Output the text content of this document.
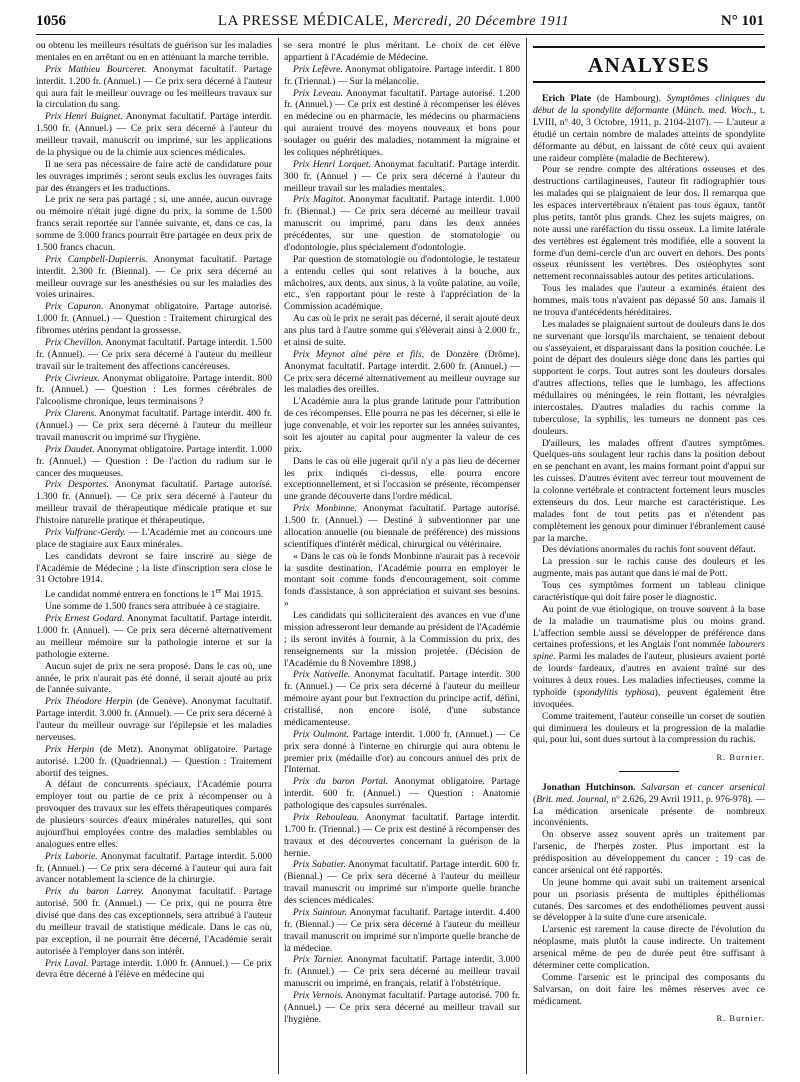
1056	LA PRESSE MÉDICALE, Mercredi, 20 Décembre 1911	N° 101

ou obtenu les meilleurs résultats de guérison sur les maladies mentales en en arrêtant ou en en atténuant la marche terrible.

Prix Mathieu Bourceret. Anonymat facultatif. Partage interdit. 1.200 fr. (Annuel.) — Ce prix sera décerné à l'auteur qui aura fait le meilleur ouvrage ou les meilleurs travaux sur la circulation du sang.

Prix Henri Buignet. Anonymat facultatif. Partage interdit. 1.500 fr. (Annuel.) — Ce prix sera décerné à l'auteur du meilleur travail, manuscrit ou imprimé, sur les applications de la physique ou de la chimie aux sciences médicales.

Il ne sera pas nécessaire de faire acte de candidature pour les ouvrages imprimés ; seront seuls exclus les ouvrages faits par des étrangers et les traductions.

Le prix ne sera pas partagé ; si, une année, aucun ouvrage ou mémoire n'était jugé digne du prix, la somme de 1.500 francs serait reportée sur l'année suivante, et, dans ce cas, la somme de 3.000 francs pourrait être partagée en deux prix de 1.500 francs chacun.

Prix Campbell-Dupierris. Anonymat facultatif. Partage interdit. 2.300 fr. (Biennal). — Ce prix sera décerné au meilleur ouvrage sur les anesthésies ou sur les maladies des voies urinaires.

Prix Capuron. Anonymat obligatoire. Partage autorisé. 1.000 fr. (Annuel.) — Question : Traitement chirurgical des fibromes utérins pendant la grossesse.

Prix Chevillon. Anonymat facultatif. Partage interdit. 1.500 fr. (Annuel). — Ce prix sera décerné à l'auteur du meilleur travail sur le traitement des affections cancéreuses.

Prix Civrieux. Anonymat obligatoire. Partage interdit. 800 fr. (Annuel.) — Question : Les formes cérébrales de l'alcoolisme chronique, leurs terminaisons ?

Prix Clarens. Anonymat facultatif. Partage interdit. 400 fr. (Annuel.) — Ce prix sera décerné à l'auteur du meilleur travail manuscrit ou imprimé sur l'hygiène.

Prix Daudet. Anonymat obligatoire. Partage interdit. 1.000 fr. (Annuel.) — Question : De l'action du radium sur le cancer des muqueuses.

Prix Desportes. Anonymat facultatif. Partage autorisé. 1.300 fr. (Annuel). — Ce prix sera décerné à l'auteur du meilleur travail de thérapeutique médicale pratique et sur l'histoire naturelle pratique et thérapeutique.

Prix Vulfranc-Gerdy. — L'Académie met au concours une place de stagiaire aux Eaux minérales.

Les candidats devront se faire inscrire au siège de l'Académie de Médecine ; la liste d'inscription sera close le 31 Octobre 1914.

Le candidat nommé entrera en fonctions le 1er Mai 1915.

Une somme de 1.500 francs sera attribuée à ce stagiaire.

Prix Ernest Godard. Anonymat facultatif. Partage interdit. 1.000 fr. (Annuel). — Ce prix sera décerné alternativement au meilleur mémoire sur la pathologie interne et sur la pathologie externe.

Aucun sujet de prix ne sera proposé. Dans le cas où, une année, le prix n'aurait pas été donné, il serait ajouté au prix de l'année suivante.

Prix Théodore Herpin (de Genève). Anonymat facultatif. Partage interdit. 3.000 fr. (Annuel). — Ce prix sera décerné à l'auteur du meilleur ouvrage sur l'épilepsie et les maladies nerveuses.

Prix Herpin (de Metz). Anonymat obligatoire. Partage autorisé. 1.200 fr. (Quadriennal.) — Question : Traitement abortif des teignes.

A défaut de concurrents spéciaux, l'Académie pourra employer tout ou partie de ce prix à récompenser ou à provoquer des travaux sur les effets thérapeutiques comparés de plusieurs sources d'eaux minérales naturelles, qui sont aujourd'hui employées contre des maladies semblables ou analogues entre elles.

Prix Laborie. Anonymat facultatif. Partage interdit. 5.000 fr. (Annuel.) — Ce prix sera décerné à l'auteur qui aura fait avancer notablement la science de la chirurgie.

Prix du baron Larrey. Anonymat facultatif. Partage autorisé. 500 fr. (Annuel.) — Ce prix, qui ne pourra être divisé que dans des cas exceptionnels, sera attribué à l'auteur du meilleur travail de statistique médicale. Dans le cas où, par exception, il ne pourrait être décerné, l'Académie serait autorisée à l'employer dans son intérêt.

Prix Laval. Partage interdit. 1.000 fr. (Annuel.) — Ce prix devra être décerné à l'élève en médecine qui

se sera montré le plus méritant. Le choix de cet élève appartient à l'Académie de Médecine.

Prix Lefèvre. Anonymat obligatoire. Partage interdit. 1 800 fr. (Triennal.) — Sur la mélancolie.

Prix Leveau. Anonymat facultatif. Partage autorisé. 1.200 fr. (Annuel.) — Ce prix est destiné à récompenser les élèves en médecine ou en pharmacie, les médecins ou pharmaciens qui auraient trouvé des moyens nouveaux et bons pour soulager ou guérir des maladies, notamment la migraine et les coliques néphrétiques.

Prix Henri Lorquet. Anonymat facultatif. Partage interdit. 300 fr. (Annuel ) — Ce prix sera décerné à l'auteur du meilleur travail sur les maladies mentales.

Prix Magitot. Anonymat facultatif. Partage interdit. 1.000 fr. (Biennal.) — Ce prix sera décerné au meilleur travail manuscrit ou imprimé, paru dans les deux années précédentes, sur une question de stomatologie ou d'odontologie, plus spécialement d'odontologie.

Par question de stomatologie ou d'odontologie, le testateur a entendu celles qui sont relatives à la bouche, aux mâchoires, aux dents, aux sinus, à la voûte palatine, au voile, etc., s'en rapportant pour le reste à l'appréciation de la Commission académique.

Au cas où le prix ne serait pas décerné, il serait ajouté deux ans plus tard à l'autre somme qui s'élèverait ainsi à 2.000 fr., et ainsi de suite.

Prix Meynot aîné père et fils, de Donzère (Drôme). Anonymat facultatif. Partage interdit. 2.600 fr. (Annuel.) — Ce prix sera décerné alternativement au meilleur ouvrage sur les maladies des oreilles.

L'Académie aura la plus grande latitude pour l'attribution de ces récompenses. Elle pourra ne pas les décerner, si elle le juge convenable, et voir les reporter sur les années suivantes, soit les ajouter au capital pour augmenter la valeur de ces prix.

Dans le cas où elle jugerait qu'il n'y a pas lieu de décerner les prix indiqués ci-dessus, elle pourra encore exceptionnellement, et si l'occasion se présente, récompenser une grande découverte dans l'ordre médical.

Prix Monbinne. Anonymat facultatif. Partage autorisé. 1.500 fr. (Annuel.) — Destiné à subventionner par une allocation annuelle (ou biennale de préférence) des missions scientifiques d'intérêt médical, chirurgical ou vétérinaire.

« Dans le cas où le fonds Monbinne n'aurait pas à recevoir la susdite destination, l'Académie pourra en employer le montant soit comme fonds d'encouragement, soit comme fonds d'assistance, à son appréciation et suivant ses besoins. »

Les candidats qui solliciteraient des avances en vue d'une mission adresseront leur demande au président de l'Académie ; ils seront invités à fournir, à la Commission du prix, des renseignements sur la mission projetée. (Décision de l'Académie du 8 Novembre 1898.)

Prix Nativelle. Anonymat facultatif. Partage interdit. 300 fr. (Annuel.) — Ce prix sera décerné à l'auteur du meilleur mémoire ayant pour but l'extraction du principe actif, défini, cristallisé, non encore isolé, d'une substance médicamenteuse.

Prix Oulmont. Partage interdit. 1.000 fr. (Annuel.) — Ce prix sera donné à l'interne en chirurgie qui aura obtenu le premier prix (médaille d'or) au concours annuel des prix de l'Internat.

Prix du baron Portal. Anonymat obligatoire. Partage interdit. 600 fr. (Annuel.) — Question : Anatomie pathologique des capsules surrénales.

Prix Rebouleau. Anonymat facultatif. Partage interdit. 1.700 fr. (Triennal.) — Ce prix est destiné à récompenser des travaux et des découvertes concernant la guérison de la hernie.

Prix Sabatier. Anonymat facultatif. Partage interdit. 600 fr. (Biennal.) — Ce prix sera décerné à l'auteur du meilleur travail manuscrit ou imprimé sur n'importe quelle branche des sciences médicales.

Prix Saintour. Anonymat facultatif. Partage interdit. 4.400 fr. (Biennal.) — Ce prix sera décerné à l'auteur du meilleur travail manuscrit ou imprimé sur n'importe quelle branche de la médecine.

Prix Tarnier. Anonymat facultatif. Partage interdit. 3.000 fr. (Annuel.) — Ce prix sera décerné au meilleur travail manuscrit ou imprimé, en français, relatif à l'obstétrique.

Prix Vernois. Anonymat facultatif. Partage autorisé. 700 fr. (Annuel.) — Ce prix sera décerné au meilleur travail sur l'hygiène.

ANALYSES

Erich Plate (de Hambourg). Symptômes cliniques du début de la spondylite déformante (Münch. med. Woch., t. LVIII, n° 40, 3 Octobre, 1911, p. 2104-2107). — L'auteur a étudié un certain nombre de malades atteints de spondylite déformante au début, en laissant de côté ceux qui avaient une raideur complète (maladie de Bechterew).

Pour se rendre compte des altérations osseuses et des destructions cartilagineuses, l'auteur fit radiographier tous les malades qui se plaignaient de leur dos. Il remarqua que les espaces intervertébraux n'étaient pas tous égaux, tantôt plus petits, tantôt plus grands. Chez les sujets maigres, on note aussi une raréfaction du tissu osseux. La limite latérale des vertèbres est également très modifiée, elle a souvent la forme d'un demi-cercle d'un arc ouvert en dehors. Des ponts osseux réunissent les vertèbres. Des ostéophytes sont nettement reconnaissables autour des petites articulations.

Tous les malades que l'auteur a examinés étaient des hommes, mais tous n'avaient pas dépassé 50 ans. Jamais il ne trouva d'antécédents héréditaires.

Les malades se plaignaient surtout de douleurs dans le dos ne survenant que lorsqu'ils marchaient, se tenaient debout ou s'asseyaient, et disparaissant dans la position couchée. Le point de départ des douleurs siège donc dans les parties qui supportent le corps. Tout autres sont les douleurs dorsales d'autres affections, telles que le lumbago, les affections médullaires ou méningées, le rein flottant, les névralgies intercostales. D'autres maladies du rachis comme la tuberculose, la syphilis, les tumeurs ne donnent pas ces douleurs.

D'ailleurs, les malades offrent d'autres symptômes. Quelques-uns soulagent leur rachis dans la position debout en se penchant en avant, les mains formant point d'appui sur les cuisses. D'autres évitent avec terreur tout mouvement de la colonne vertébrale et contractent fortement leurs muscles extenseurs du dos. Leur marche est caractéristique. Les malades font de tout petits pas et n'étendent pas complètement les genoux pour diminuer l'ébranlement causé par la marche.

Des déviations anormales du rachis font souvent défaut.

La pression sur le rachis cause des douleurs et les augmente, mais pas autant que dans le mal de Pott.

Tous ces symptômes forment un tableau clinique caractéristique qui doit faire poser le diagnostic.

Au point de vue étiologique, on trouve souvent à la base de la maladie un traumatisme plus ou moins grand. L'affection semble aussi se développer de préférence dans certaines professions, et les Anglais l'ont nommée labourers spine. Parmi les malades de l'auteur, plusieurs avaient porté de lourds fardeaux, d'autres en avaient traîné sur des voitures à deux roues. Les maladies infectieuses, comme la typhoïde (spondylitis typhosa), peuvent également être invoquées.

Comme traitement, l'auteur conseille un corset de soutien qui diminuera les douleurs et la progression de la maladie qui, pour lui, sont dues surtout à la compression du rachis.

R. Burnier.

Jonathan Hutchinson. Salvarsan et cancer arsenical (Brit. med. Journal, n° 2.626, 29 Avril 1911, p. 976-978). — La médication arsenicale présente de nombreux inconvénients.

On observe assez souvent après un traitement par l'arsenic, de l'herpès zoster. Plus important est la prédisposition au développement du cancer ; 19 cas de cancer arsenical ont été rapportés.

Un jeune homme qui avait subi un traitement arsenical pour un psoriasis présenta de multiples épithéliomas cutanés. Des sarcomes et des endothéliomes peuvent aussi se développer à la suite d'une cure arsenicale.

L'arsenic est rarement la cause directe de l'évolution du néoplasme, mais plutôt la cause indirecte. Un traitement arsenical même de peu de durée peut être suffisant à déterminer cette complication.

Comme l'arsenic est le principal des composants du Salvarsan, on doit faire les mêmes réserves avec ce médicament.

R. Burnier.
